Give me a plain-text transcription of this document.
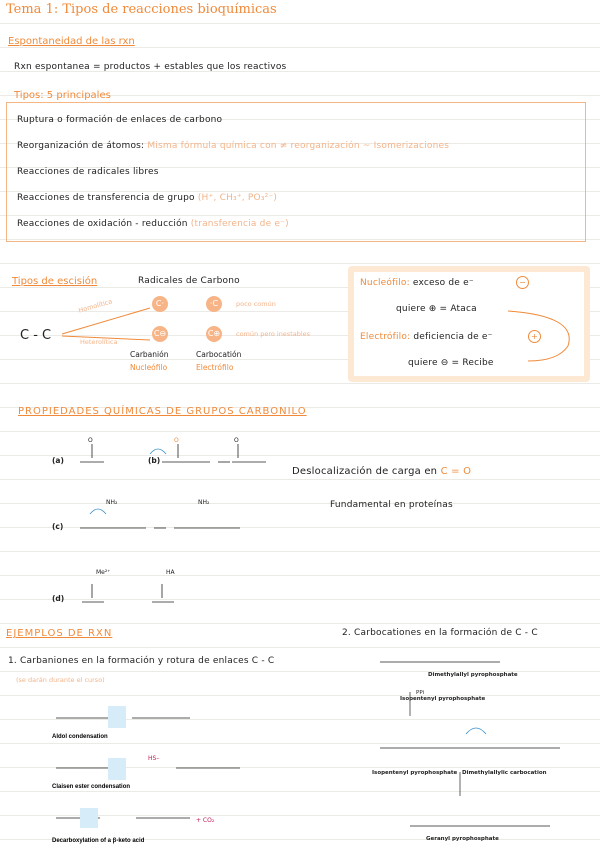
Tema 1: Tipos de reacciones bioquímicas
Espontaneidad de las rxn
Rxn espontanea = productos + estables que los reactivos
Tipos: 5 principales
Ruptura o formación de enlaces de carbono
Reorganización de átomos: Misma fórmula química con ≠ reorganización ~ Isomerizaciones
Reacciones de radicales libres
Reacciones de transferencia de grupo (H⁺, CH₃⁺, PO₃²⁻)
Reacciones de oxidación - reducción (transferencia de e⁻)
Tipos de escisión	Radicales de Carbono
C - C
Homolítica
Heterolítica
C·	·C	poco común
C⊖	C⊕ común pero inestables
Carbanión
Nucleófilo
Carbocatión
Electrófilo
Nucleófilo: exceso de e⁻	−
quiere ⊕ = Ataca
Electrófilo: deficiencia de e⁻	+
quiere ⊖ = Recibe
PROPIEDADES QUÍMICAS DE GRUPOS CARBONILO
(a)	(b)
(c)
(d)
O	O	O
NH₂	NH₂
Me²⁺	HA
Deslocalización de carga en C = O
Fundamental en proteínas
EJEMPLOS DE RXN	2. Carbocationes en la formación de C - C
1. Carbaniones en la formación y rotura de enlaces C - C
(se darán durante el curso)
Aldol condensation
Claisen ester condensation
Decarboxylation of a β-keto acid
HS–
+ CO₂
Dimethylallyl pyrophosphate
Isopentenyl pyrophosphate
PPi
Isopentenyl pyrophosphate Dimethylallylic carbocation
Geranyl pyrophosphate
